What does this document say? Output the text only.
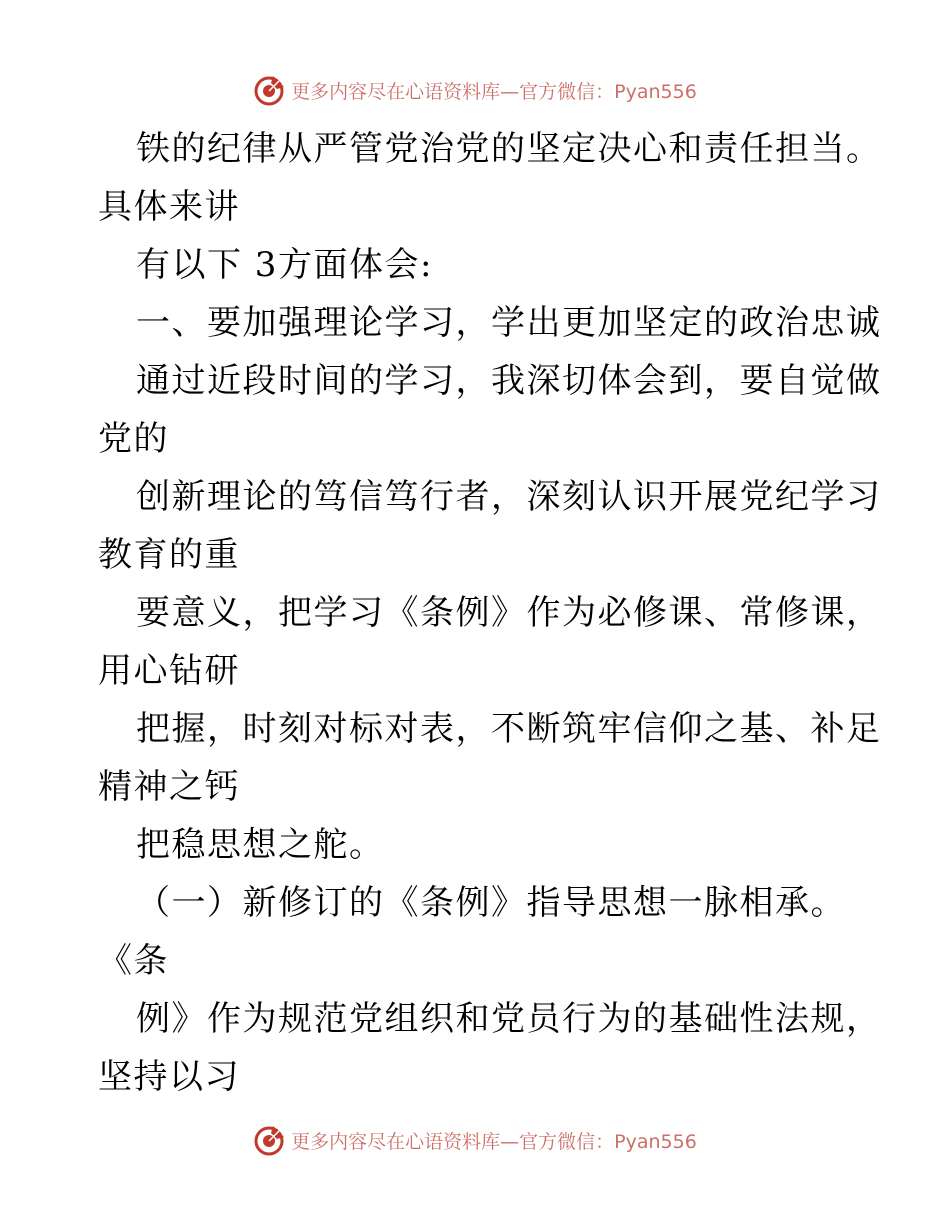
更多内容尽在心语资料库—官方微信：Pyan556
铁的纪律从严管党治党的坚定决心和责任担当。
具体来讲
有以下 3方面体会:
一、要加强理论学习，学出更加坚定的政治忠诚
通过近段时间的学习，我深切体会到，要自觉做
党的
创新理论的笃信笃行者，深刻认识开展党纪学习
教育的重
要意义，把学习《条例》作为必修课、常修课，
用心钻研
把握，时刻对标对表，不断筑牢信仰之基、补足
精神之钙
把稳思想之舵。
（一）新修订的《条例》指导思想一脉相承。
《条
例》作为规范党组织和党员行为的基础性法规，
坚持以习
更多内容尽在心语资料库—官方微信：Pyan556
